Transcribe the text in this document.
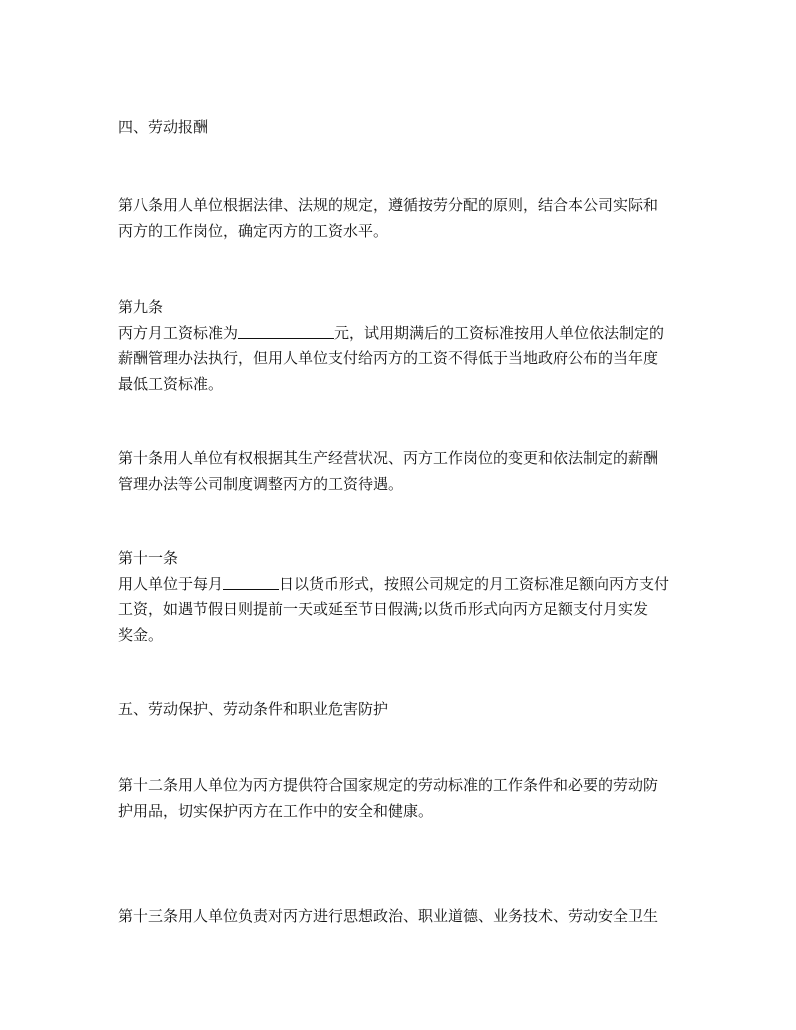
四、劳动报酬

第八条用人单位根据法律、法规的规定，遵循按劳分配的原则，结合本公司实际和
丙方的工作岗位，确定丙方的工资水平。

第九条
丙方月工资标准为	元，试用期满后的工资标准按用人单位依法制定的
薪酬管理办法执行，但用人单位支付给丙方的工资不得低于当地政府公布的当年度
最低工资标准。

第十条用人单位有权根据其生产经营状况、丙方工作岗位的变更和依法制定的薪酬
管理办法等公司制度调整丙方的工资待遇。

第十一条
用人单位于每月	日以货币形式，按照公司规定的月工资标准足额向丙方支付
工资，如遇节假日则提前一天或延至节日假满;以货币形式向丙方足额支付月实发
奖金。

五、劳动保护、劳动条件和职业危害防护

第十二条用人单位为丙方提供符合国家规定的劳动标准的工作条件和必要的劳动防
护用品，切实保护丙方在工作中的安全和健康。

第十三条用人单位负责对丙方进行思想政治、职业道德、业务技术、劳动安全卫生
